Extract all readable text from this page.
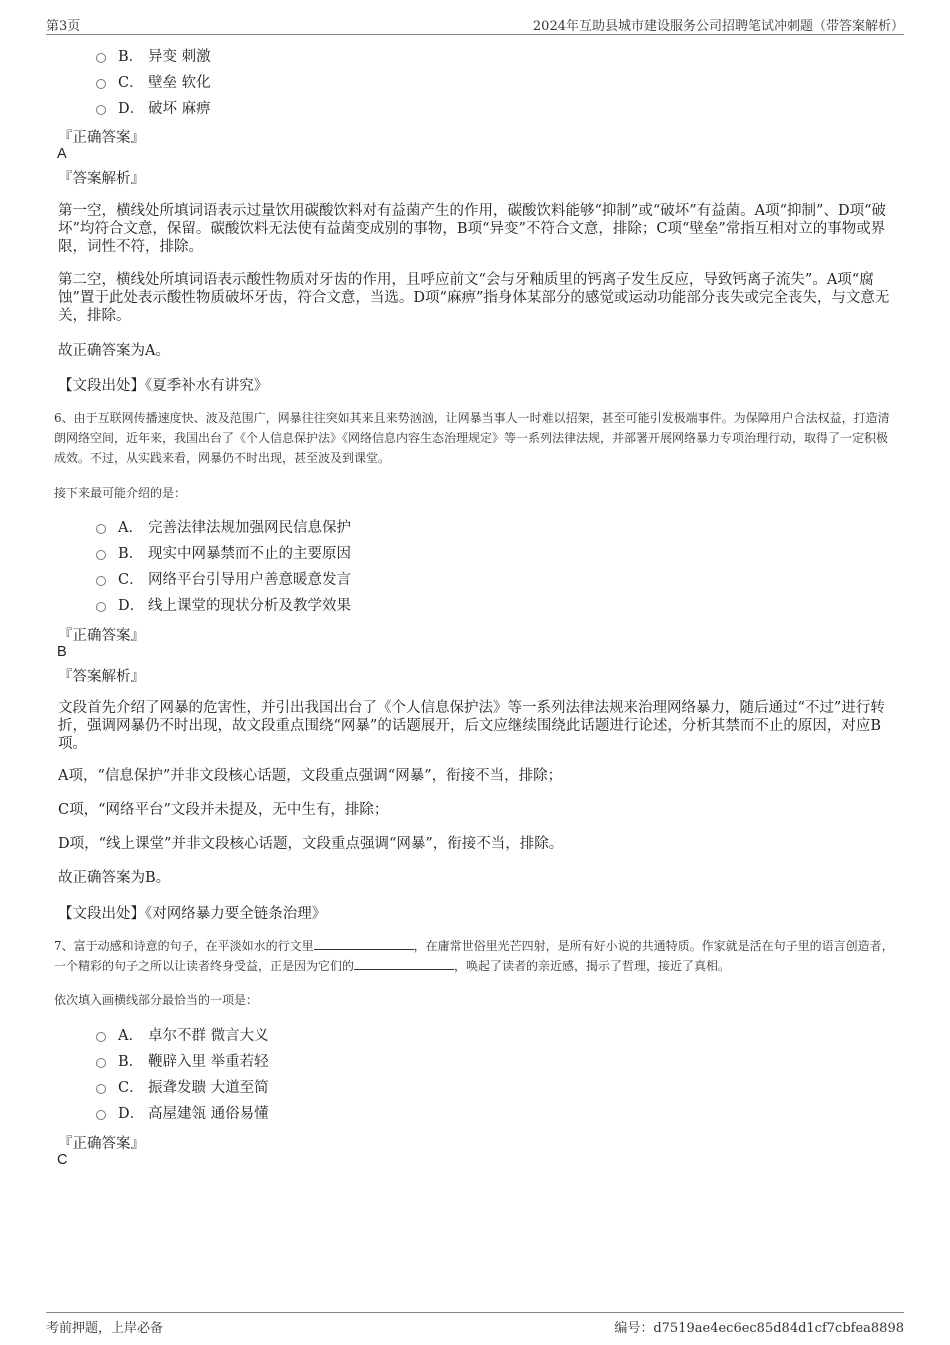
第3页	2024年互助县城市建设服务公司招聘笔试冲刺题（带答案解析）
B． 异变 刺激
C． 壁垒 软化
D． 破坏 麻痹
『正确答案』
A
『答案解析』
第一空，横线处所填词语表示过量饮用碳酸饮料对有益菌产生的作用，碳酸饮料能够“抑制”或“破坏”有益菌。A项“抑制”、D项“破坏”均符合文意，保留。碳酸饮料无法使有益菌变成别的事物，B项“异变”不符合文意，排除；C项“壁垒”常指互相对立的事物或界限，词性不符，排除。
第二空，横线处所填词语表示酸性物质对牙齿的作用，且呼应前文“会与牙釉质里的钙离子发生反应，导致钙离子流失”。A项“腐蚀”置于此处表示酸性物质破坏牙齿，符合文意，当选。D项“麻痹”指身体某部分的感觉或运动功能部分丧失或完全丧失，与文意无关，排除。
故正确答案为A。
【文段出处】《夏季补水有讲究》
6、由于互联网传播速度快、波及范围广，网暴往往突如其来且来势汹汹，让网暴当事人一时难以招架，甚至可能引发极端事件。为保障用户合法权益，打造清朗网络空间，近年来，我国出台了《个人信息保护法》《网络信息内容生态治理规定》等一系列法律法规，并部署开展网络暴力专项治理行动，取得了一定积极成效。不过，从实践来看，网暴仍不时出现，甚至波及到课堂。
接下来最可能介绍的是：
A． 完善法律法规加强网民信息保护
B． 现实中网暴禁而不止的主要原因
C． 网络平台引导用户善意暖意发言
D． 线上课堂的现状分析及教学效果
『正确答案』
B
『答案解析』
文段首先介绍了网暴的危害性，并引出我国出台了《个人信息保护法》等一系列法律法规来治理网络暴力，随后通过“不过”进行转折，强调网暴仍不时出现，故文段重点围绕“网暴”的话题展开，后文应继续围绕此话题进行论述，分析其禁而不止的原因，对应B项。
A项，“信息保护”并非文段核心话题，文段重点强调“网暴”，衔接不当，排除；
C项，“网络平台”文段并未提及，无中生有，排除；
D项，“线上课堂”并非文段核心话题，文段重点强调“网暴”，衔接不当，排除。
故正确答案为B。
【文段出处】《对网络暴力要全链条治理》
7、富于动感和诗意的句子，在平淡如水的行文里	，在庸常世俗里光芒四射，是所有好小说的共通特质。作家就是活在句子里的语言创造者，一个精彩的句子之所以让读者终身受益，正是因为它们的	，唤起了读者的亲近感，揭示了哲理，接近了真相。
依次填入画横线部分最恰当的一项是：
A． 卓尔不群 微言大义
B． 鞭辟入里 举重若轻
C． 振聋发聩 大道至简
D． 高屋建瓴 通俗易懂
『正确答案』
C
考前押题，上岸必备	编号：d7519ae4ec6ec85d84d1cf7cbfea8898
